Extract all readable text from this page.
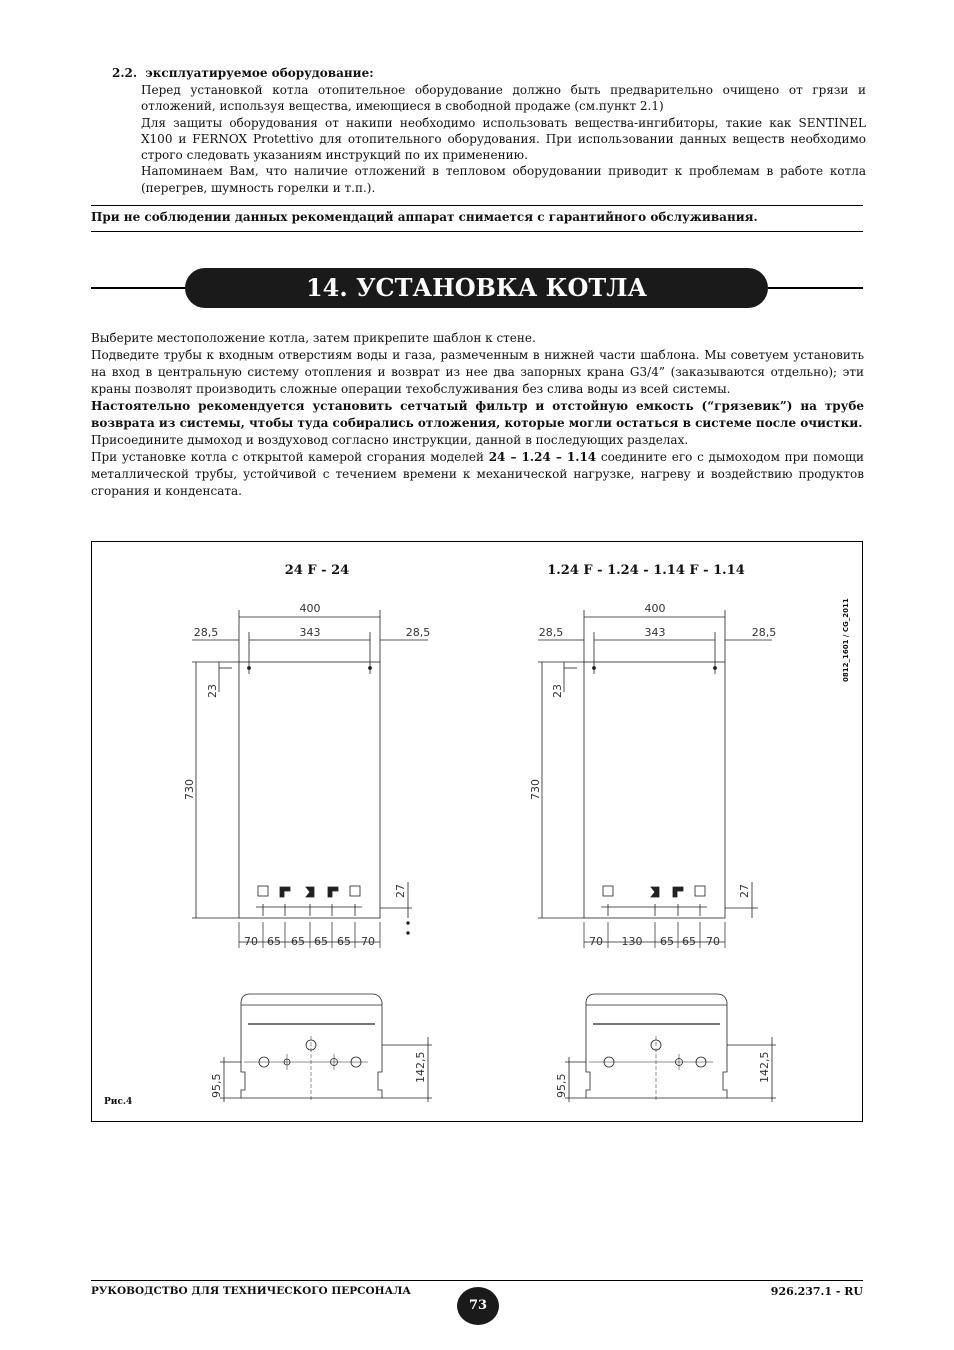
2.2. эксплуатируемое оборудование:

Перед установкой котла отопительное оборудование должно быть предварительно очищено от грязи и отложений, используя вещества, имеющиеся в свободной продаже (см.пункт 2.1)

Для защиты оборудования от накипи необходимо использовать вещества-ингибиторы, такие как SENTINEL X100 и FERNOX Protettivo для отопительного оборудования. При использовании данных веществ необходимо строго следовать указаниям инструкций по их применению.

Напоминаем Вам, что наличие отложений в тепловом оборудовании приводит к проблемам в работе котла (перегрев, шумность горелки и т.п.).

При не соблюдении данных рекомендаций аппарат снимается с гарантийного обслуживания.
14. УСТАНОВКА КОТЛА

Выберите местоположение котла, затем прикрепите шаблон к стене.

Подведите трубы к входным отверстиям воды и газа, размеченным в нижней части шаблона. Мы советуем установить на вход в центральную систему отопления и возврат из нее два запорных крана G3/4” (заказываются отдельно); эти краны позволят производить сложные операции техобслуживания без слива воды из всей системы.

Настоятельно рекомендуется установить сетчатый фильтр и отстойную емкость (“грязевик”) на трубе возврата из системы, чтобы туда собирались отложения, которые могли остаться в системе после очистки.

Присоедините дымоход и воздуховод согласно инструкции, данной в последующих разделах.

При установке котла с открытой камерой сгорания моделей 24 – 1.24 – 1.14 соедините его с дымоходом при помощи металлической трубы, устойчивой с течением времени к механической нагрузке, нагреву и воздействию продуктов сгорания и конденсата.

24 F - 24	1.24 F - 1.24 - 1.14 F - 1.14
0812_1601 / CG_2011
400
343
28,5	28,5
23
730
27
70 65 65 65 65 70
400
343
28,5	28,5
23
730
27
70 130 65 65 70
95,5
142,5
95,5
142,5
Рис.4
РУКОВОДСТВО ДЛЯ ТЕХНИЧЕСКОГО ПЕРСОНАЛА
73
926.237.1 - RU
